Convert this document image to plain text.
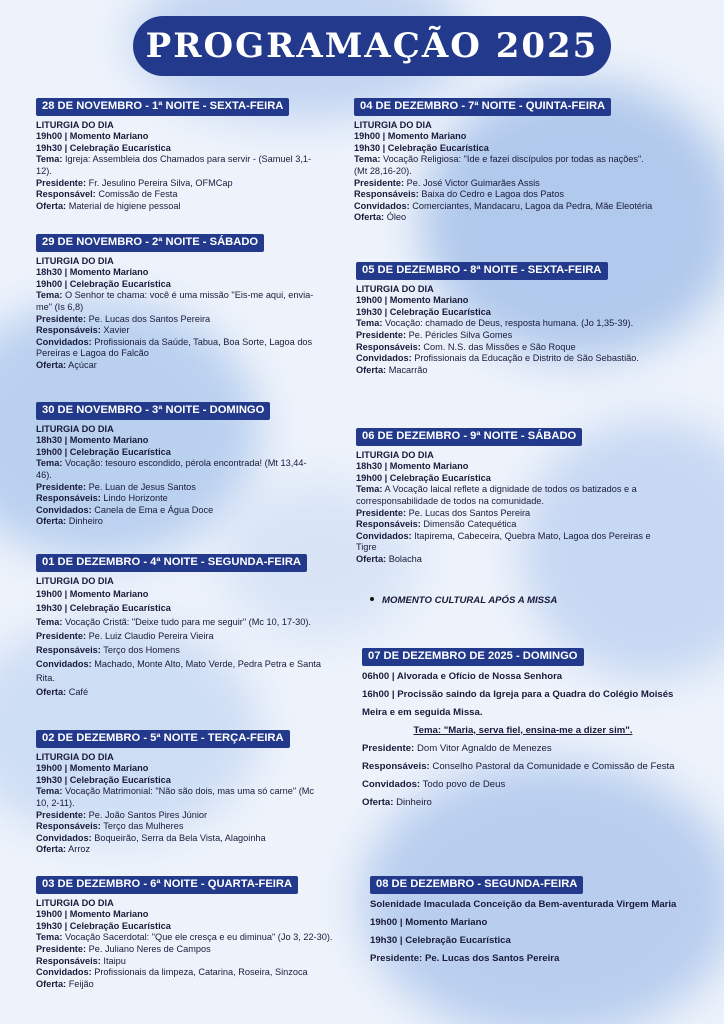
PROGRAMAÇÃO 2025
28 DE NOVEMBRO - 1ª NOITE - SEXTA-FEIRA

LITURGIA DO DIA

19h00 | Momento Mariano

19h30 | Celebração Eucarística

Tema: Igreja: Assembleia dos Chamados para servir - (Samuel 3,1-12).

Presidente: Fr. Jesulino Pereira Silva, OFMCap

Responsável: Comissão de Festa

Oferta: Material de higiene pessoal

29 DE NOVEMBRO - 2ª NOITE - SÁBADO

LITURGIA DO DIA

18h30 | Momento Mariano

19h00 | Celebração Eucarística

Tema: O Senhor te chama: você é uma missão "Eis-me aqui, envia-me" (Is 6,8)

Presidente: Pe. Lucas dos Santos Pereira

Responsáveis: Xavier

Convidados: Profissionais da Saúde, Tabua, Boa Sorte, Lagoa dos Pereiras e Lagoa do Falcão

Oferta: Açúcar

30 DE NOVEMBRO - 3ª NOITE - DOMINGO

LITURGIA DO DIA

18h30 | Momento Mariano

19h00 | Celebração Eucarística

Tema: Vocação: tesouro escondido, pérola encontrada! (Mt 13,44-46).

Presidente: Pe. Luan de Jesus Santos

Responsáveis: Lindo Horizonte

Convidados: Canela de Ema e Água Doce

Oferta: Dinheiro

01 DE DEZEMBRO - 4ª NOITE - SEGUNDA-FEIRA

LITURGIA DO DIA

19h00 | Momento Mariano

19h30 | Celebração Eucarística

Tema: Vocação Cristã: "Deixe tudo para me seguir" (Mc 10, 17-30).

Presidente: Pe. Luiz Claudio Pereira Vieira

Responsáveis: Terço dos Homens

Convidados: Machado, Monte Alto, Mato Verde, Pedra Petra e Santa Rita.

Oferta: Café

02 DE DEZEMBRO - 5ª NOITE - TERÇA-FEIRA

LITURGIA DO DIA

19h00 | Momento Mariano

19h30 | Celebração Eucarística

Tema: Vocação Matrimonial: "Não são dois, mas uma só carne" (Mc 10, 2-11).

Presidente: Pe. João Santos Pires Júnior

Responsáveis: Terço das Mulheres

Convidados: Boqueirão, Serra da Bela Vista, Alagoinha

Oferta: Arroz

03 DE DEZEMBRO - 6ª NOITE - QUARTA-FEIRA

LITURGIA DO DIA

19h00 | Momento Mariano

19h30 | Celebração Eucarística

Tema: Vocação Sacerdotal: "Que ele cresça e eu diminua" (Jo 3, 22-30).

Presidente: Pe. Juliano Neres de Campos

Responsáveis: Itaipu

Convidados: Profissionais da limpeza, Catarina, Roseira, Sinzoca

Oferta: Feijão

04 DE DEZEMBRO - 7ª NOITE - QUINTA-FEIRA

LITURGIA DO DIA

19h00 | Momento Mariano

19h30 | Celebração Eucarística

Tema: Vocação Religiosa: "Ide e fazei discípulos por todas as nações". (Mt 28,16-20).

Presidente: Pe. José Victor Guimarães Assis

Responsáveis: Baixa do Cedro e Lagoa dos Patos

Convidados: Comerciantes, Mandacaru, Lagoa da Pedra, Mãe Eleotéria

Oferta: Óleo

05 DE DEZEMBRO - 8ª NOITE - SEXTA-FEIRA

LITURGIA DO DIA

19h00 | Momento Mariano

19h30 | Celebração Eucarística

Tema: Vocação: chamado de Deus, resposta humana. (Jo 1,35-39).

Presidente: Pe. Péricles Silva Gomes

Responsáveis: Com. N.S. das Missões e São Roque

Convidados: Profissionais da Educação e Distrito de São Sebastião.

Oferta: Macarrão

06 DE DEZEMBRO - 9ª NOITE - SÁBADO

LITURGIA DO DIA

18h30 | Momento Mariano

19h00 | Celebração Eucarística

Tema: A Vocação laical reflete a dignidade de todos os batizados e a corresponsabilidade de todos na comunidade.

Presidente: Pe. Lucas dos Santos Pereira

Responsáveis: Dimensão Catequética

Convidados: Itapirema, Cabeceira, Quebra Mato, Lagoa dos Pereiras e Tigre

Oferta: Bolacha

MOMENTO CULTURAL APÓS A MISSA
07 DE DEZEMBRO DE 2025 - DOMINGO

06h00 | Alvorada e Ofício de Nossa Senhora

16h00 | Procissão saindo da Igreja para a Quadra do Colégio Moisés Meira e em seguida Missa.

Tema: "Maria, serva fiel, ensina-me a dizer sim".

Presidente: Dom Vitor Agnaldo de Menezes

Responsáveis: Conselho Pastoral da Comunidade e Comissão de Festa

Convidados: Todo povo de Deus

Oferta: Dinheiro

08 DE DEZEMBRO - SEGUNDA-FEIRA

Solenidade Imaculada Conceição da Bem-aventurada Virgem Maria

19h00 | Momento Mariano

19h30 | Celebração Eucarística

Presidente: Pe. Lucas dos Santos Pereira
